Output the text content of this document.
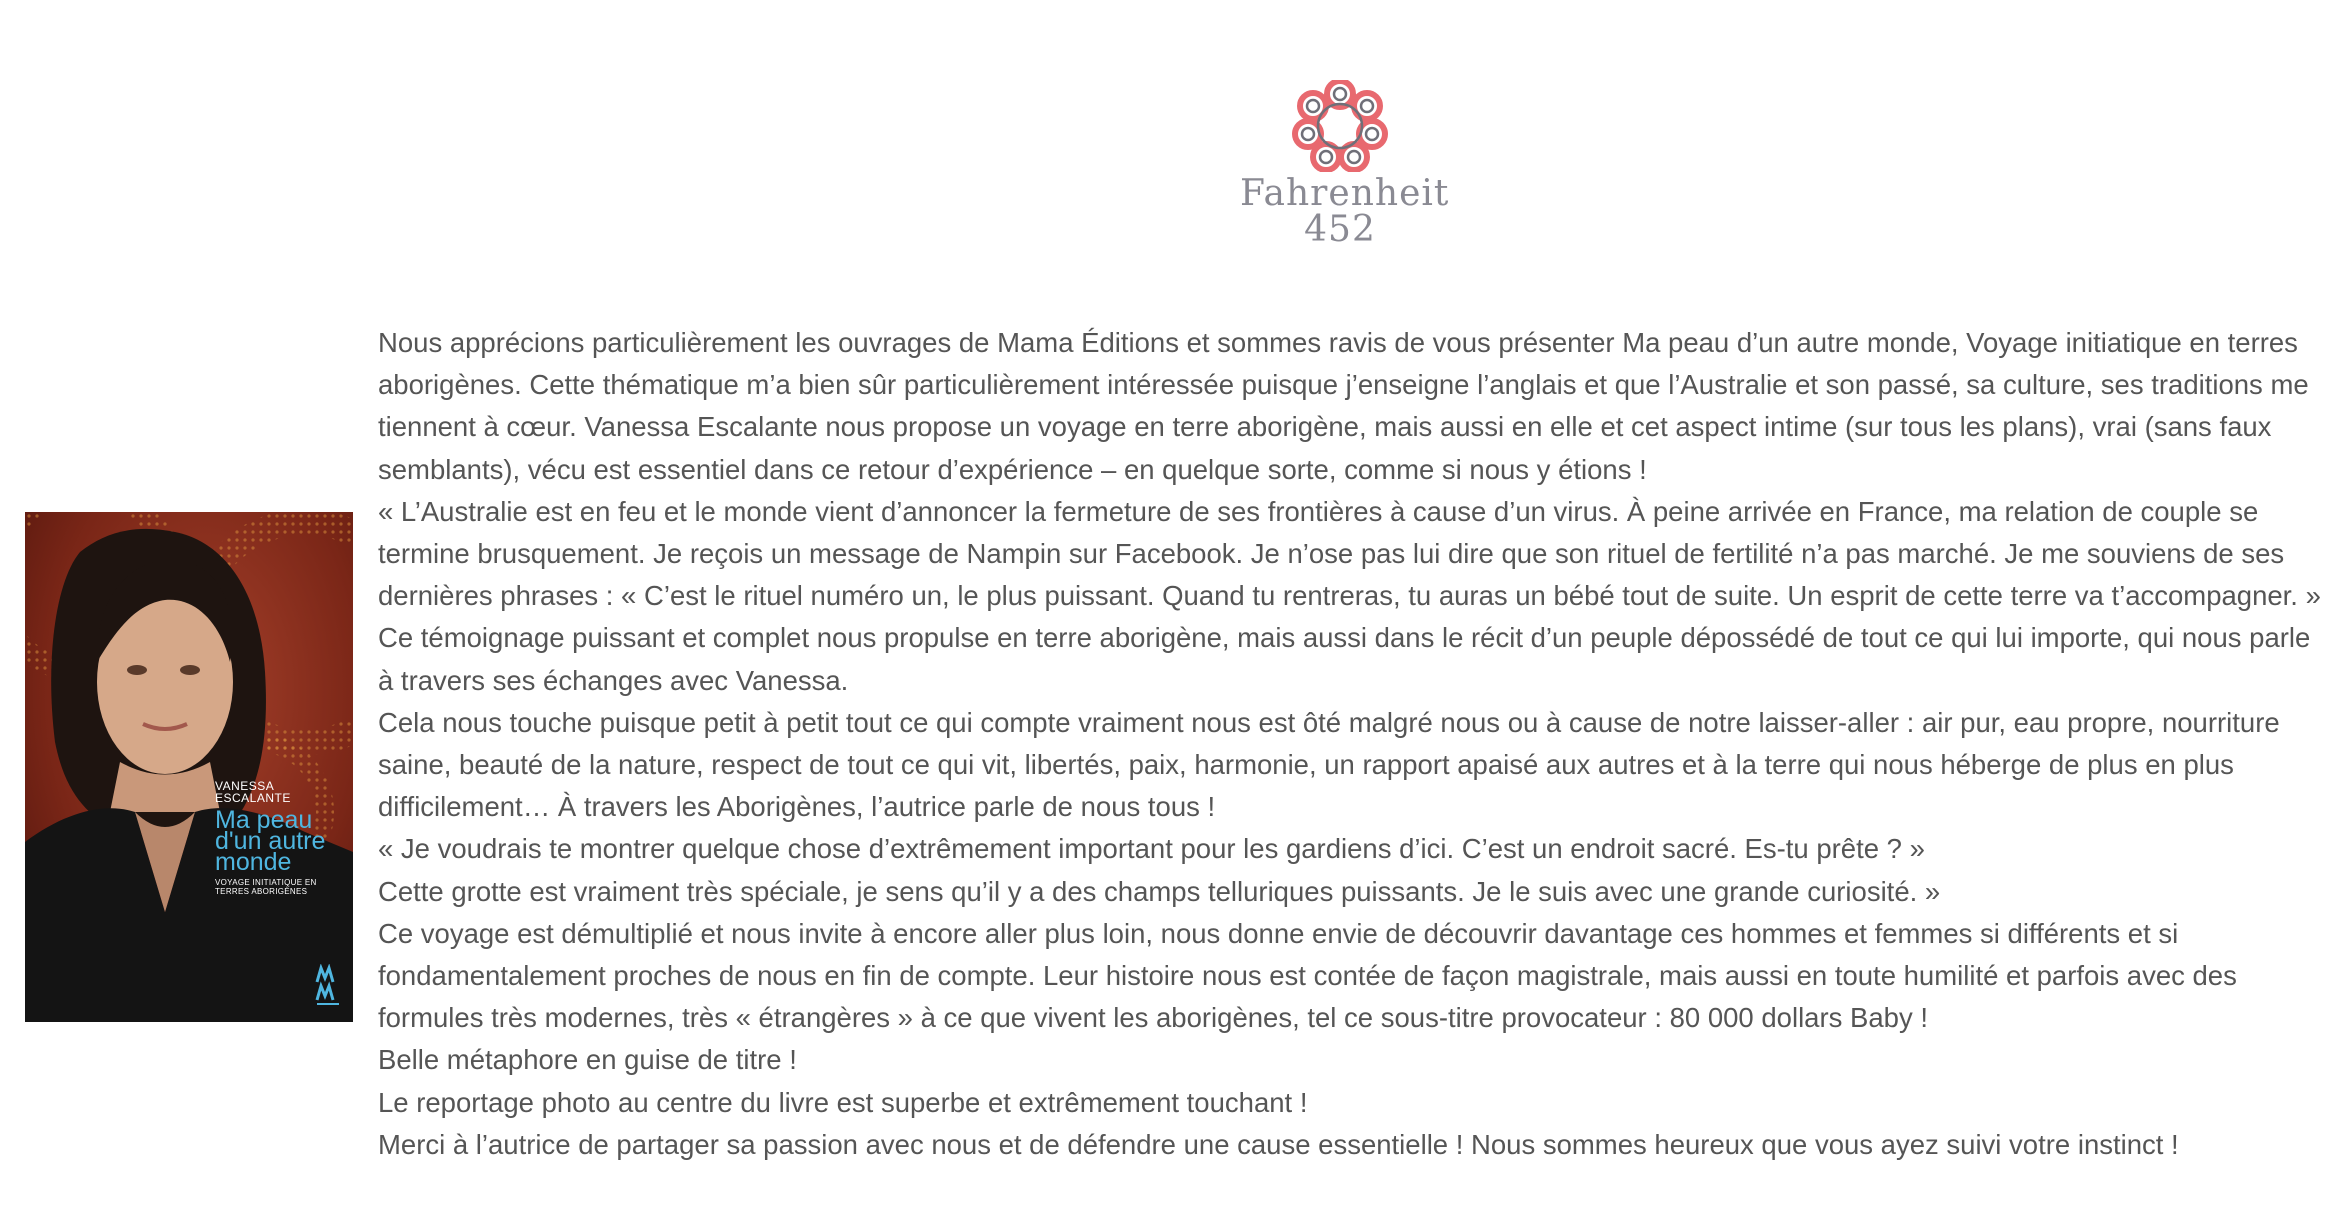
Fahrenheit
452
VANESSA ESCALANTE
Ma peau d'un autre monde
VOYAGE INITIATIQUE EN TERRES ABORIGÈNES

Nous apprécions particulièrement les ouvrages de Mama Éditions et sommes ravis de vous présenter Ma peau d’un autre monde, Voyage initiatique en terres aborigènes. Cette thématique m’a bien sûr particulièrement intéressée puisque j’enseigne l’anglais et que l’Australie et son passé, sa culture, ses traditions me tiennent à cœur. Vanessa Escalante nous propose un voyage en terre aborigène, mais aussi en elle et cet aspect intime (sur tous les plans), vrai (sans faux semblants), vécu est essentiel dans ce retour d’expérience – en quelque sorte, comme si nous y étions !

« L’Australie est en feu et le monde vient d’annoncer la fermeture de ses frontières à cause d’un virus. À peine arrivée en France, ma relation de couple se termine brusquement. Je reçois un message de Nampin sur Facebook. Je n’ose pas lui dire que son rituel de fertilité n’a pas marché. Je me souviens de ses dernières phrases : « C’est le rituel numéro un, le plus puissant. Quand tu rentreras, tu auras un bébé tout de suite. Un esprit de cette terre va t’accompagner. »

Ce témoignage puissant et complet nous propulse en terre aborigène, mais aussi dans le récit d’un peuple dépossédé de tout ce qui lui importe, qui nous parle à travers ses échanges avec Vanessa.

Cela nous touche puisque petit à petit tout ce qui compte vraiment nous est ôté malgré nous ou à cause de notre laisser-aller : air pur, eau propre, nourriture saine, beauté de la nature, respect de tout ce qui vit, libertés, paix, harmonie, un rapport apaisé aux autres et à la terre qui nous héberge de plus en plus difficilement… À travers les Aborigènes, l’autrice parle de nous tous !

« Je voudrais te montrer quelque chose d’extrêmement important pour les gardiens d’ici. C’est un endroit sacré. Es-tu prête ? »

Cette grotte est vraiment très spéciale, je sens qu’il y a des champs telluriques puissants. Je le suis avec une grande curiosité. »

Ce voyage est démultiplié et nous invite à encore aller plus loin, nous donne envie de découvrir davantage ces hommes et femmes si différents et si fondamentalement proches de nous en fin de compte. Leur histoire nous est contée de façon magistrale, mais aussi en toute humilité et parfois avec des formules très modernes, très « étrangères » à ce que vivent les aborigènes, tel ce sous-titre provocateur : 80 000 dollars Baby !

Belle métaphore en guise de titre !

Le reportage photo au centre du livre est superbe et extrêmement touchant !

Merci à l’autrice de partager sa passion avec nous et de défendre une cause essentielle ! Nous sommes heureux que vous ayez suivi votre instinct !
